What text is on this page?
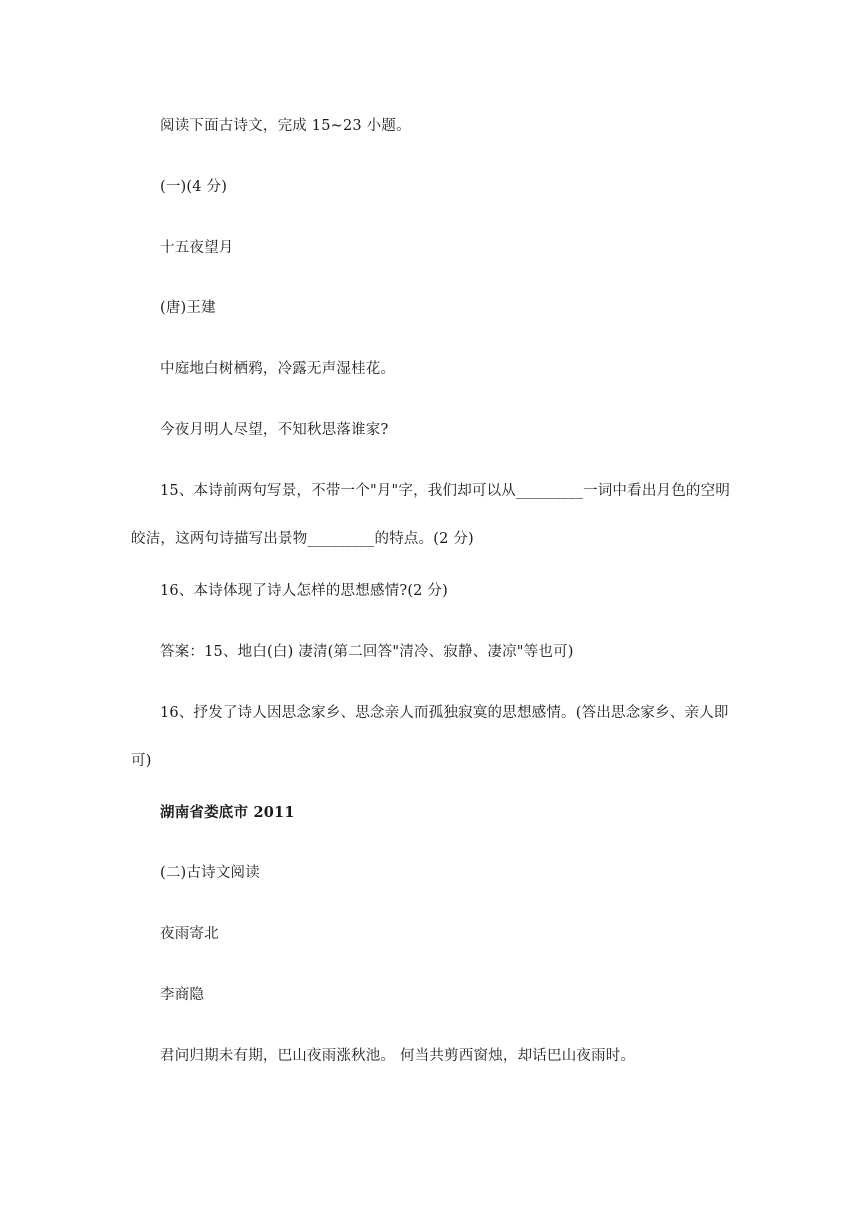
阅读下面古诗文，完成 15~23 小题。
(一)(4 分)
十五夜望月
(唐)王建
中庭地白树栖鸦，冷露无声湿桂花。
今夜月明人尽望，不知秋思落谁家?
15、本诗前两句写景，不带一个"月"字，我们却可以从_________一词中看出月色的空明皎洁，这两句诗描写出景物_________的特点。(2 分)
16、本诗体现了诗人怎样的思想感情?(2 分)
答案：15、地白(白) 凄清(第二回答"清冷、寂静、凄凉"等也可)
16、抒发了诗人因思念家乡、思念亲人而孤独寂寞的思想感情。(答出思念家乡、亲人即可)
湖南省娄底市 2011
(二)古诗文阅读
夜雨寄北
李商隐
君问归期未有期，巴山夜雨涨秋池。 何当共剪西窗烛，却话巴山夜雨时。
